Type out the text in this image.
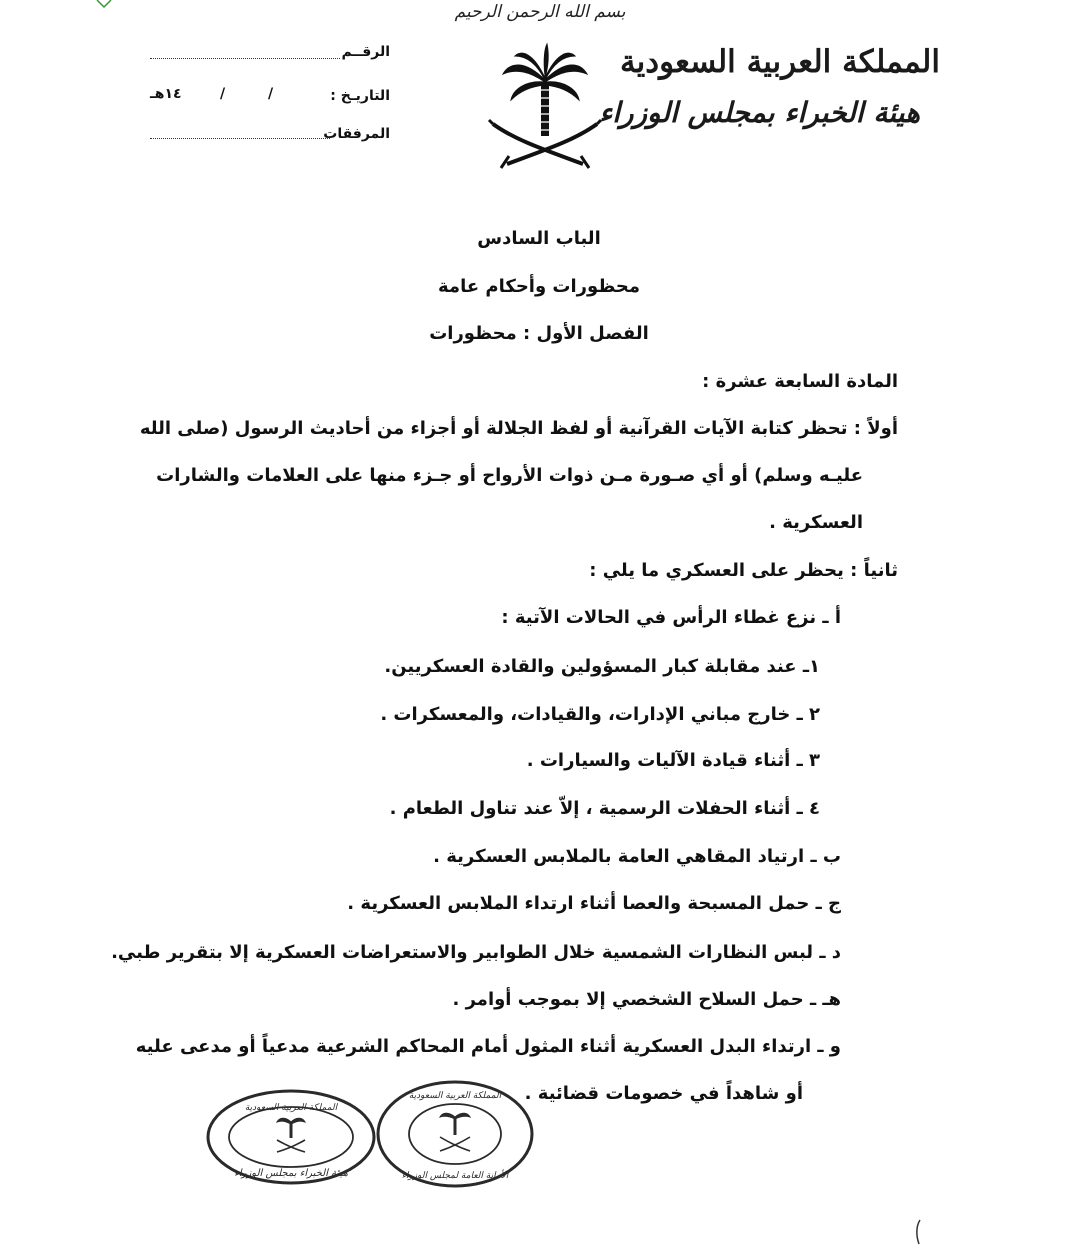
بسم الله الرحمن الرحيم
المملكة العربية السعودية
هيئة الخبراء بمجلس الوزراء
الرقــم
التاريـخ :
١٤هـ	/	/
المرفقات
الباب السادس
محظورات وأحكام عامة
الفصل الأول : محظورات
المادة السابعة عشرة :
أولاً : تحظر كتابة الآيات القرآنية أو لفظ الجلالة أو أجزاء من أحاديث الرسول (صلى الله
عليـه وسلم) أو أي صـورة مـن ذوات الأرواح أو جـزء منها على العلامات والشارات
العسكرية .
ثانياً : يحظر على العسكري ما يلي :
أ ـ نزع غطاء الرأس في الحالات الآتية :
١ـ عند مقابلة كبار المسؤولين والقادة العسكريين.
٢ ـ خارج مباني الإدارات، والقيادات، والمعسكرات .
٣ ـ أثناء قيادة الآليات والسيارات .
٤ ـ أثناء الحفلات الرسمية ، إلاّ عند تناول الطعام .
ب ـ ارتياد المقاهي العامة بالملابس العسكرية .
ج ـ حمل المسبحة والعصا أثناء ارتداء الملابس العسكرية .
د ـ لبس النظارات الشمسية خلال الطوابير والاستعراضات العسكرية إلا بتقرير طبي.
هـ ـ حمل السلاح الشخصي إلا بموجب أوامر .
و ـ ارتداء البدل العسكرية أثناء المثول أمام المحاكم الشرعية مدعياً أو مدعى عليه
أو شاهداً في خصومات قضائية .
المملكة العربية السعودية
هيئة الخبراء بمجلس الوزراء
المملكة العربية السعودية
الأمانة العامة لمجلس الوزراء
